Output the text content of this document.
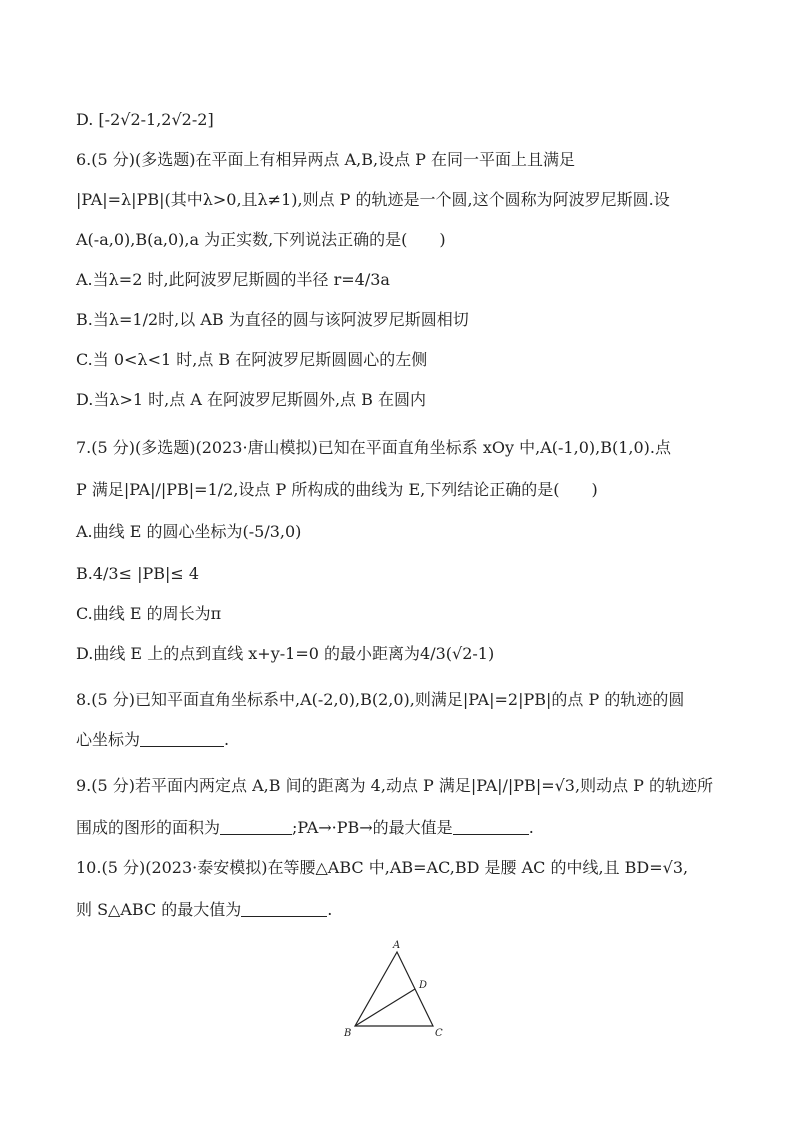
D. [-2√2-1,2√2-2]
6.(5 分)(多选题)在平面上有相异两点 A,B,设点 P 在同一平面上且满足
|PA|=λ|PB|(其中λ>0,且λ≠1),则点 P 的轨迹是一个圆,这个圆称为阿波罗尼斯圆.设
A(-a,0),B(a,0),a 为正实数,下列说法正确的是(　　)
A.当λ=2 时,此阿波罗尼斯圆的半径 r=4/3a
B.当λ=1/2时,以 AB 为直径的圆与该阿波罗尼斯圆相切
C.当 0<λ<1 时,点 B 在阿波罗尼斯圆圆心的左侧
D.当λ>1 时,点 A 在阿波罗尼斯圆外,点 B 在圆内
7.(5 分)(多选题)(2023·唐山模拟)已知在平面直角坐标系 xOy 中,A(-1,0),B(1,0).点
P 满足|PA|/|PB|=1/2,设点 P 所构成的曲线为 E,下列结论正确的是(　　)
A.曲线 E 的圆心坐标为(-5/3,0)
B.4/3≤ |PB|≤ 4
C.曲线 E 的周长为π
D.曲线 E 上的点到直线 x+y-1=0 的最小距离为4/3(√2-1)
8.(5 分)已知平面直角坐标系中,A(-2,0),B(2,0),则满足|PA|=2|PB|的点 P 的轨迹的圆
心坐标为	.
9.(5 分)若平面内两定点 A,B 间的距离为 4,动点 P 满足|PA|/|PB|=√3,则动点 P 的轨迹所
围成的图形的面积为	;PA→·PB→的最大值是	.
10.(5 分)(2023·泰安模拟)在等腰△ABC 中,AB=AC,BD 是腰 AC 的中线,且 BD=√3,
则 S△ABC 的最大值为	.
A
D
B	C
